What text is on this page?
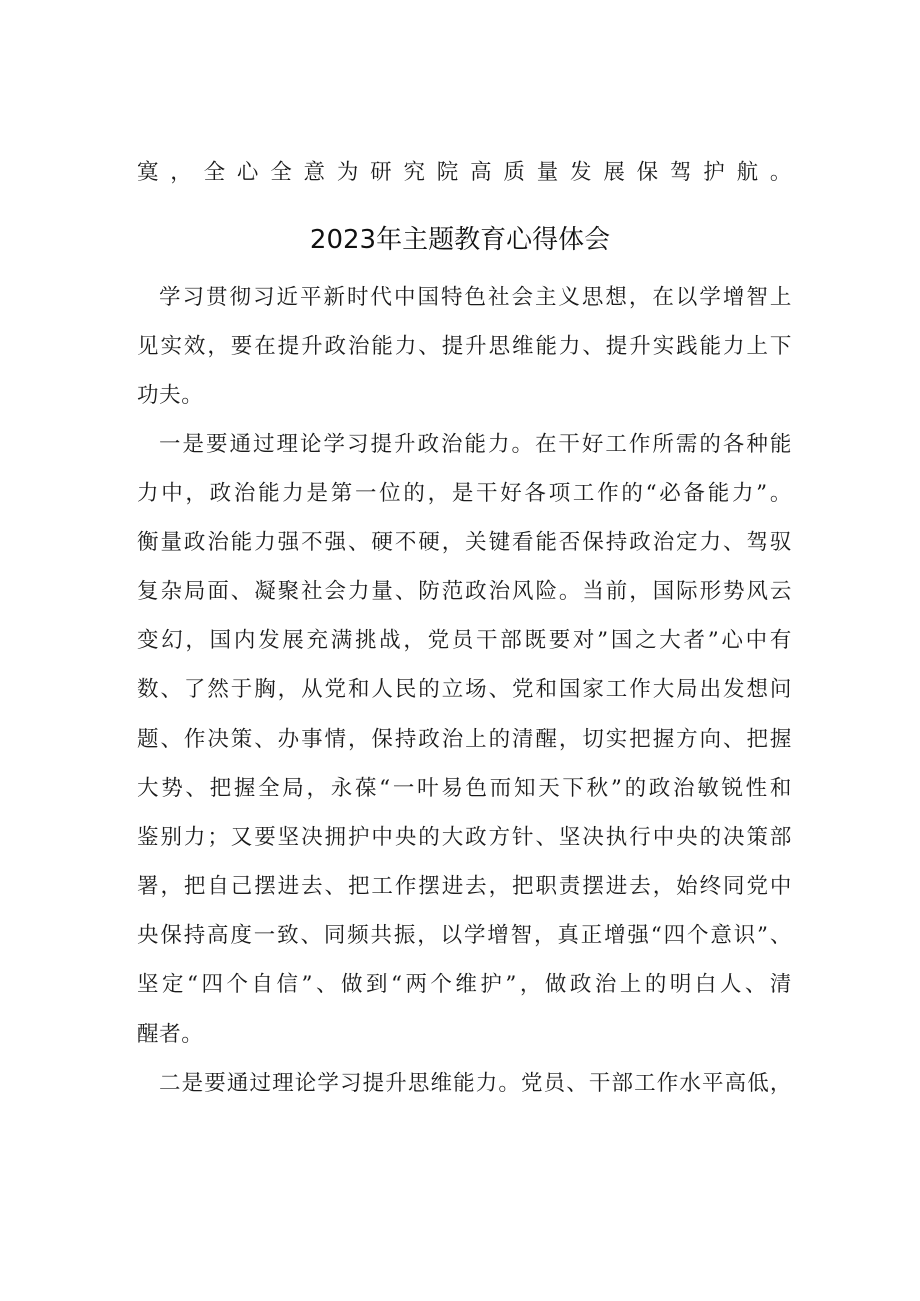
寞，全心全意为研究院高质量发展保驾护航。

2023年主题教育心得体会

学习贯彻习近平新时代中国特色社会主义思想，在以学增智上

见实效，要在提升政治能力、提升思维能力、提升实践能力上下

功夫。

一是要通过理论学习提升政治能力。在干好工作所需的各种能

力中，政治能力是第一位的，是干好各项工作的“必备能力”。

衡量政治能力强不强、硬不硬，关键看能否保持政治定力、驾驭

复杂局面、凝聚社会力量、防范政治风险。当前，国际形势风云

变幻，国内发展充满挑战，党员干部既要对”国之大者”心中有

数、了然于胸，从党和人民的立场、党和国家工作大局出发想问

题、作决策、办事情，保持政治上的清醒，切实把握方向、把握

大势、把握全局，永葆“一叶易色而知天下秋”的政治敏锐性和

鉴别力；又要坚决拥护中央的大政方针、坚决执行中央的决策部

署，把自己摆进去、把工作摆进去，把职责摆进去，始终同党中

央保持高度一致、同频共振，以学增智，真正增强“四个意识”、

坚定“四个自信”、做到“两个维护”，做政治上的明白人、清

醒者。

二是要通过理论学习提升思维能力。党员、干部工作水平高低，
